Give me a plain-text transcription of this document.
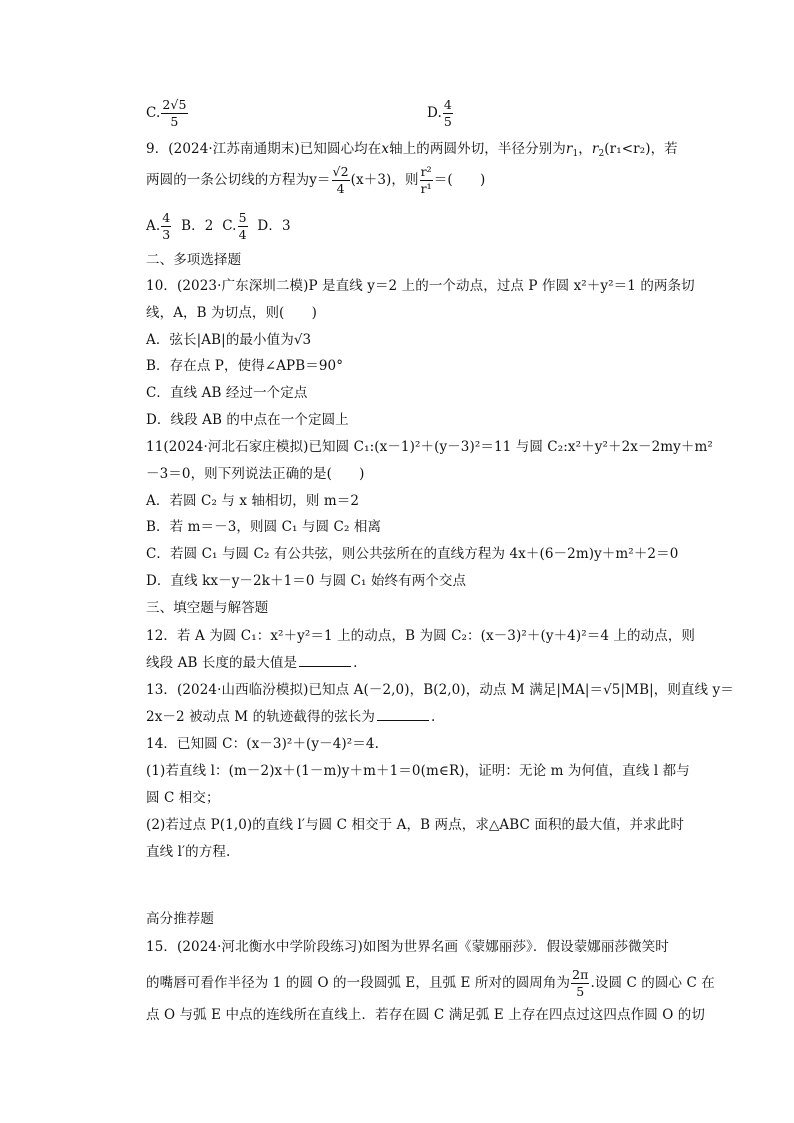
C. $\frac{2√5}{5}$	D. $\frac{4}{5}$
9．(2024·江苏南通期末)已知圆心均在x轴上的两圆外切，半径分别为$r_1$，$r_2(r_1<r_2)$，若
两圆的一条公切线的方程为$y= \frac{√2}{4} (x+3)$，则 $\frac{\text{r²}}{\text{r¹}}$ ＝(　　)
A. $\frac{4}{3}$ B．2 C. $\frac{5}{4}$ D．3
二、多项选择题
10．(2023·广东深圳二模)P 是直线 y＝2 上的一个动点，过点 P 作圆 x²＋y²＝1 的两条切
线，A，B 为切点，则(　　)
A．弦长|AB|的最小值为√3
B．存在点 P，使得∠APB＝90°
C．直线 AB 经过一个定点
D．线段 AB 的中点在一个定圆上
11(2024·河北石家庄模拟)已知圆 C₁:(x－1)²＋(y－3)²＝11 与圆 C₂:x²＋y²＋2x－2my＋m²
－3＝0，则下列说法正确的是(　　)
A．若圆 C₂ 与 x 轴相切，则 m＝2
B．若 m＝－3，则圆 C₁ 与圆 C₂ 相离
C．若圆 C₁ 与圆 C₂ 有公共弦，则公共弦所在的直线方程为 4x＋(6－2m)y＋m²＋2＝0
D．直线 kx－y－2k＋1＝0 与圆 C₁ 始终有两个交点
三、填空题与解答题
12．若 A 为圆 C₁：x²＋y²＝1 上的动点，B 为圆 C₂：(x－3)²＋(y＋4)²＝4 上的动点，则
线段 AB 长度的最大值是	.
13．(2024·山西临汾模拟)已知点 A(－2,0)，B(2,0)，动点 M 满足|MA|＝√5|MB|，则直线 y＝
2x－2 被动点 M 的轨迹截得的弦长为	.
14．已知圆 C：(x－3)²＋(y－4)²＝4.
(1)若直线 l：(m－2)x＋(1－m)y＋m＋1＝0(m∈R)，证明：无论 m 为何值，直线 l 都与
圆 C 相交；
(2)若过点 P(1,0)的直线 l′与圆 C 相交于 A，B 两点，求△ABC 面积的最大值，并求此时
直线 l′的方程.
高分推荐题
15．(2024·河北衡水中学阶段练习)如图为世界名画《蒙娜丽莎》．假设蒙娜丽莎微笑时
的嘴唇可看作半径为 1 的圆 O 的一段圆弧 E，且弧 E 所对的圆周角为 $\frac{2\pi}{5}$ .设圆 C 的圆心 C 在
点 O 与弧 E 中点的连线所在直线上．若存在圆 C 满足弧 E 上存在四点过这四点作圆 O 的切
